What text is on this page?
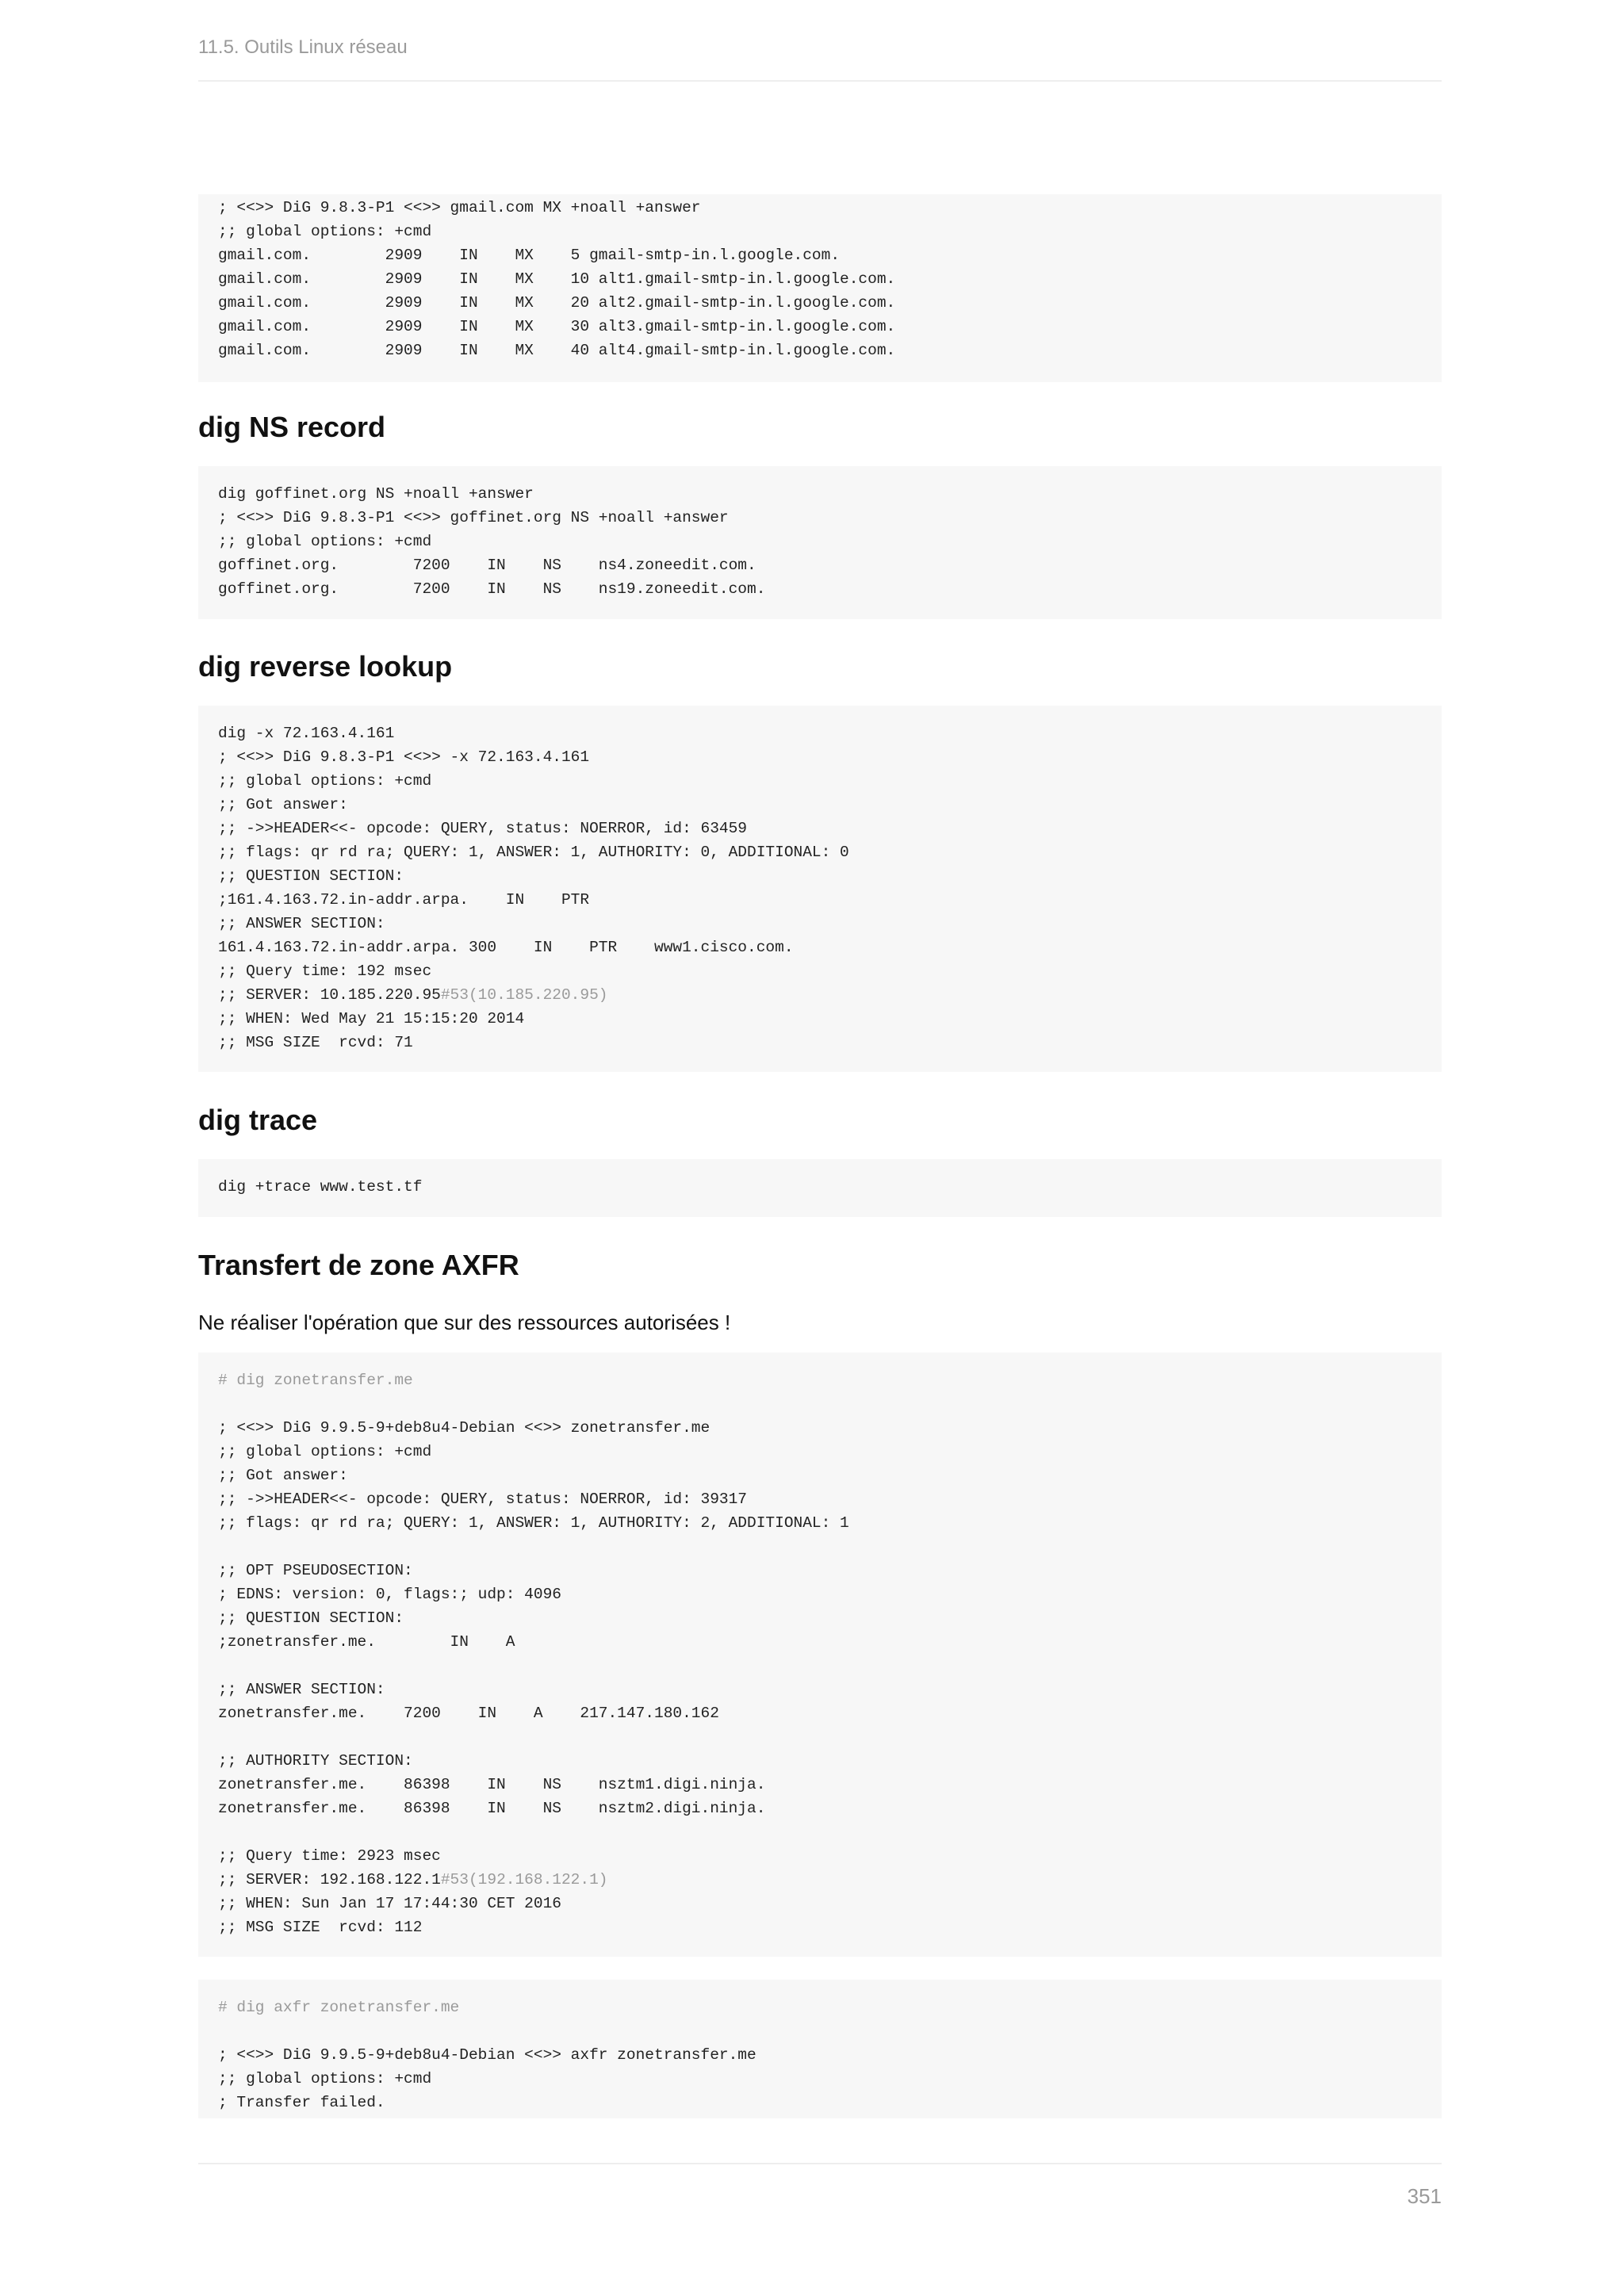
11.5. Outils Linux réseau
; <<>> DiG 9.8.3-P1 <<>> gmail.com MX +noall +answer
;; global options: +cmd
gmail.com.        2909    IN    MX    5 gmail-smtp-in.l.google.com.
gmail.com.        2909    IN    MX    10 alt1.gmail-smtp-in.l.google.com.
gmail.com.        2909    IN    MX    20 alt2.gmail-smtp-in.l.google.com.
gmail.com.        2909    IN    MX    30 alt3.gmail-smtp-in.l.google.com.
gmail.com.        2909    IN    MX    40 alt4.gmail-smtp-in.l.google.com.
dig NS record
dig goffinet.org NS +noall +answer
; <<>> DiG 9.8.3-P1 <<>> goffinet.org NS +noall +answer
;; global options: +cmd
goffinet.org.        7200    IN    NS    ns4.zoneedit.com.
goffinet.org.        7200    IN    NS    ns19.zoneedit.com.
dig reverse lookup
dig -x 72.163.4.161
; <<>> DiG 9.8.3-P1 <<>> -x 72.163.4.161
;; global options: +cmd
;; Got answer:
;; ->>HEADER<<- opcode: QUERY, status: NOERROR, id: 63459
;; flags: qr rd ra; QUERY: 1, ANSWER: 1, AUTHORITY: 0, ADDITIONAL: 0
;; QUESTION SECTION:
;161.4.163.72.in-addr.arpa.    IN    PTR
;; ANSWER SECTION:
161.4.163.72.in-addr.arpa. 300    IN    PTR    www1.cisco.com.
;; Query time: 192 msec
;; SERVER: 10.185.220.95#53(10.185.220.95)
;; WHEN: Wed May 21 15:15:20 2014
;; MSG SIZE  rcvd: 71
dig trace
dig +trace www.test.tf
Transfert de zone AXFR

Ne réaliser l'opération que sur des ressources autorisées !

# dig zonetransfer.me

; <<>> DiG 9.9.5-9+deb8u4-Debian <<>> zonetransfer.me
;; global options: +cmd
;; Got answer:
;; ->>HEADER<<- opcode: QUERY, status: NOERROR, id: 39317
;; flags: qr rd ra; QUERY: 1, ANSWER: 1, AUTHORITY: 2, ADDITIONAL: 1

;; OPT PSEUDOSECTION:
; EDNS: version: 0, flags:; udp: 4096
;; QUESTION SECTION:
;zonetransfer.me.        IN    A

;; ANSWER SECTION:
zonetransfer.me.    7200    IN    A    217.147.180.162

;; AUTHORITY SECTION:
zonetransfer.me.    86398    IN    NS    nsztm1.digi.ninja.
zonetransfer.me.    86398    IN    NS    nsztm2.digi.ninja.

;; Query time: 2923 msec
;; SERVER: 192.168.122.1#53(192.168.122.1)
;; WHEN: Sun Jan 17 17:44:30 CET 2016
;; MSG SIZE  rcvd: 112
# dig axfr zonetransfer.me

; <<>> DiG 9.9.5-9+deb8u4-Debian <<>> axfr zonetransfer.me
;; global options: +cmd
; Transfer failed.
351
